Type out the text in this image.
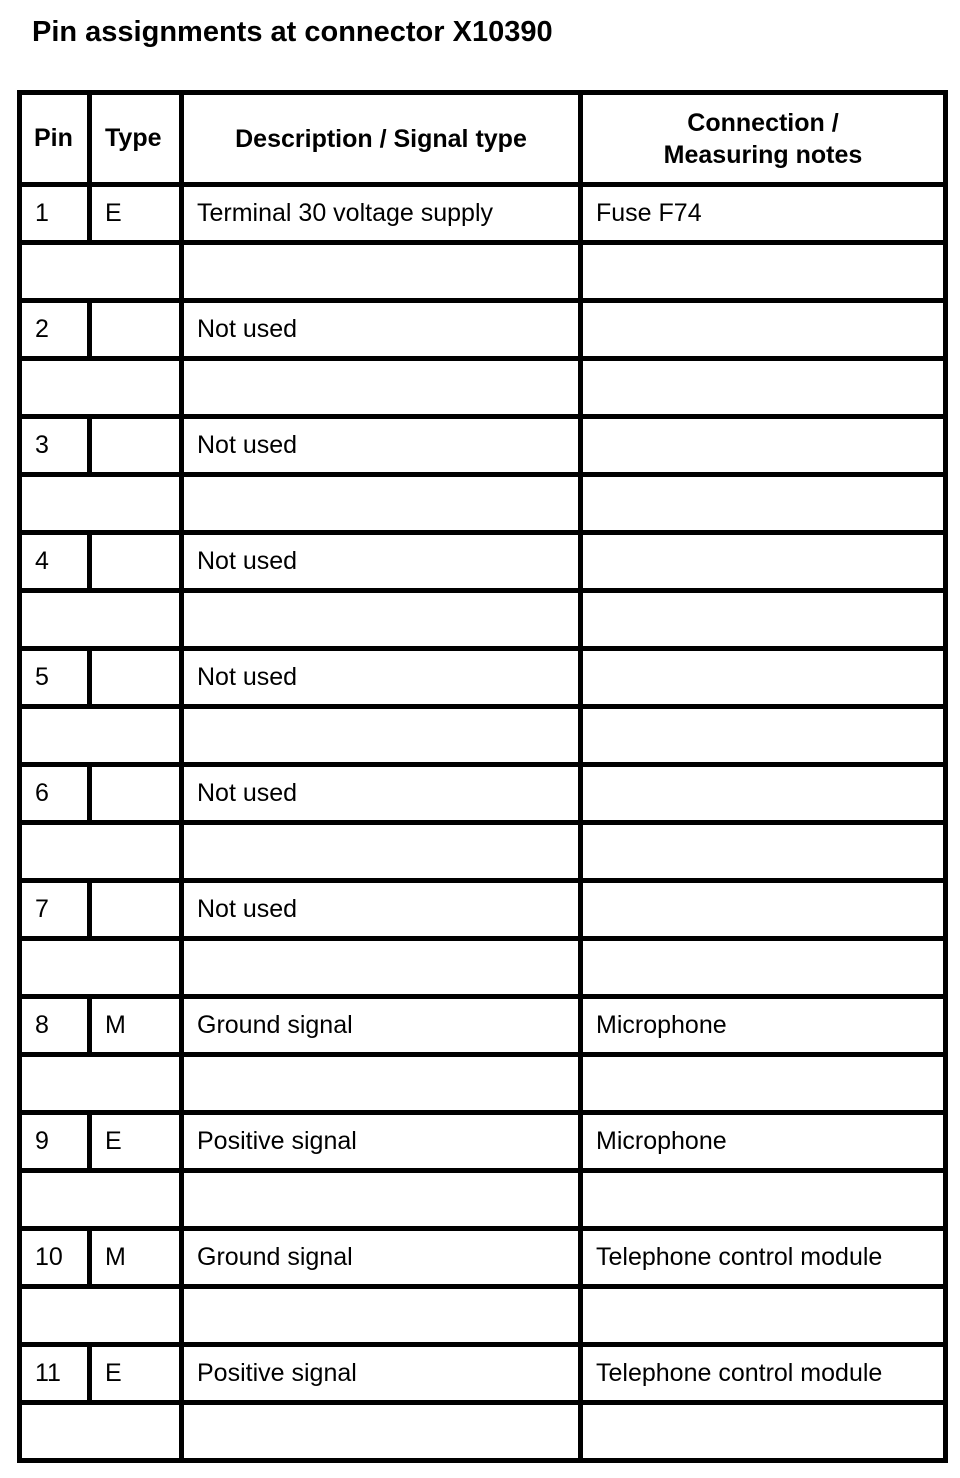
Pin assignments at connector X10390
Pin	Type	Description / Signal type	Connection /
Measuring notes

1	E	Terminal 30 voltage supply	Fuse F74

2		Not used	

3		Not used	

4		Not used	

5		Not used	

6		Not used	

7		Not used	

8	M	Ground signal	Microphone

9	E	Positive signal	Microphone

10	M	Ground signal	Telephone control module

11	E	Positive signal	Telephone control module
